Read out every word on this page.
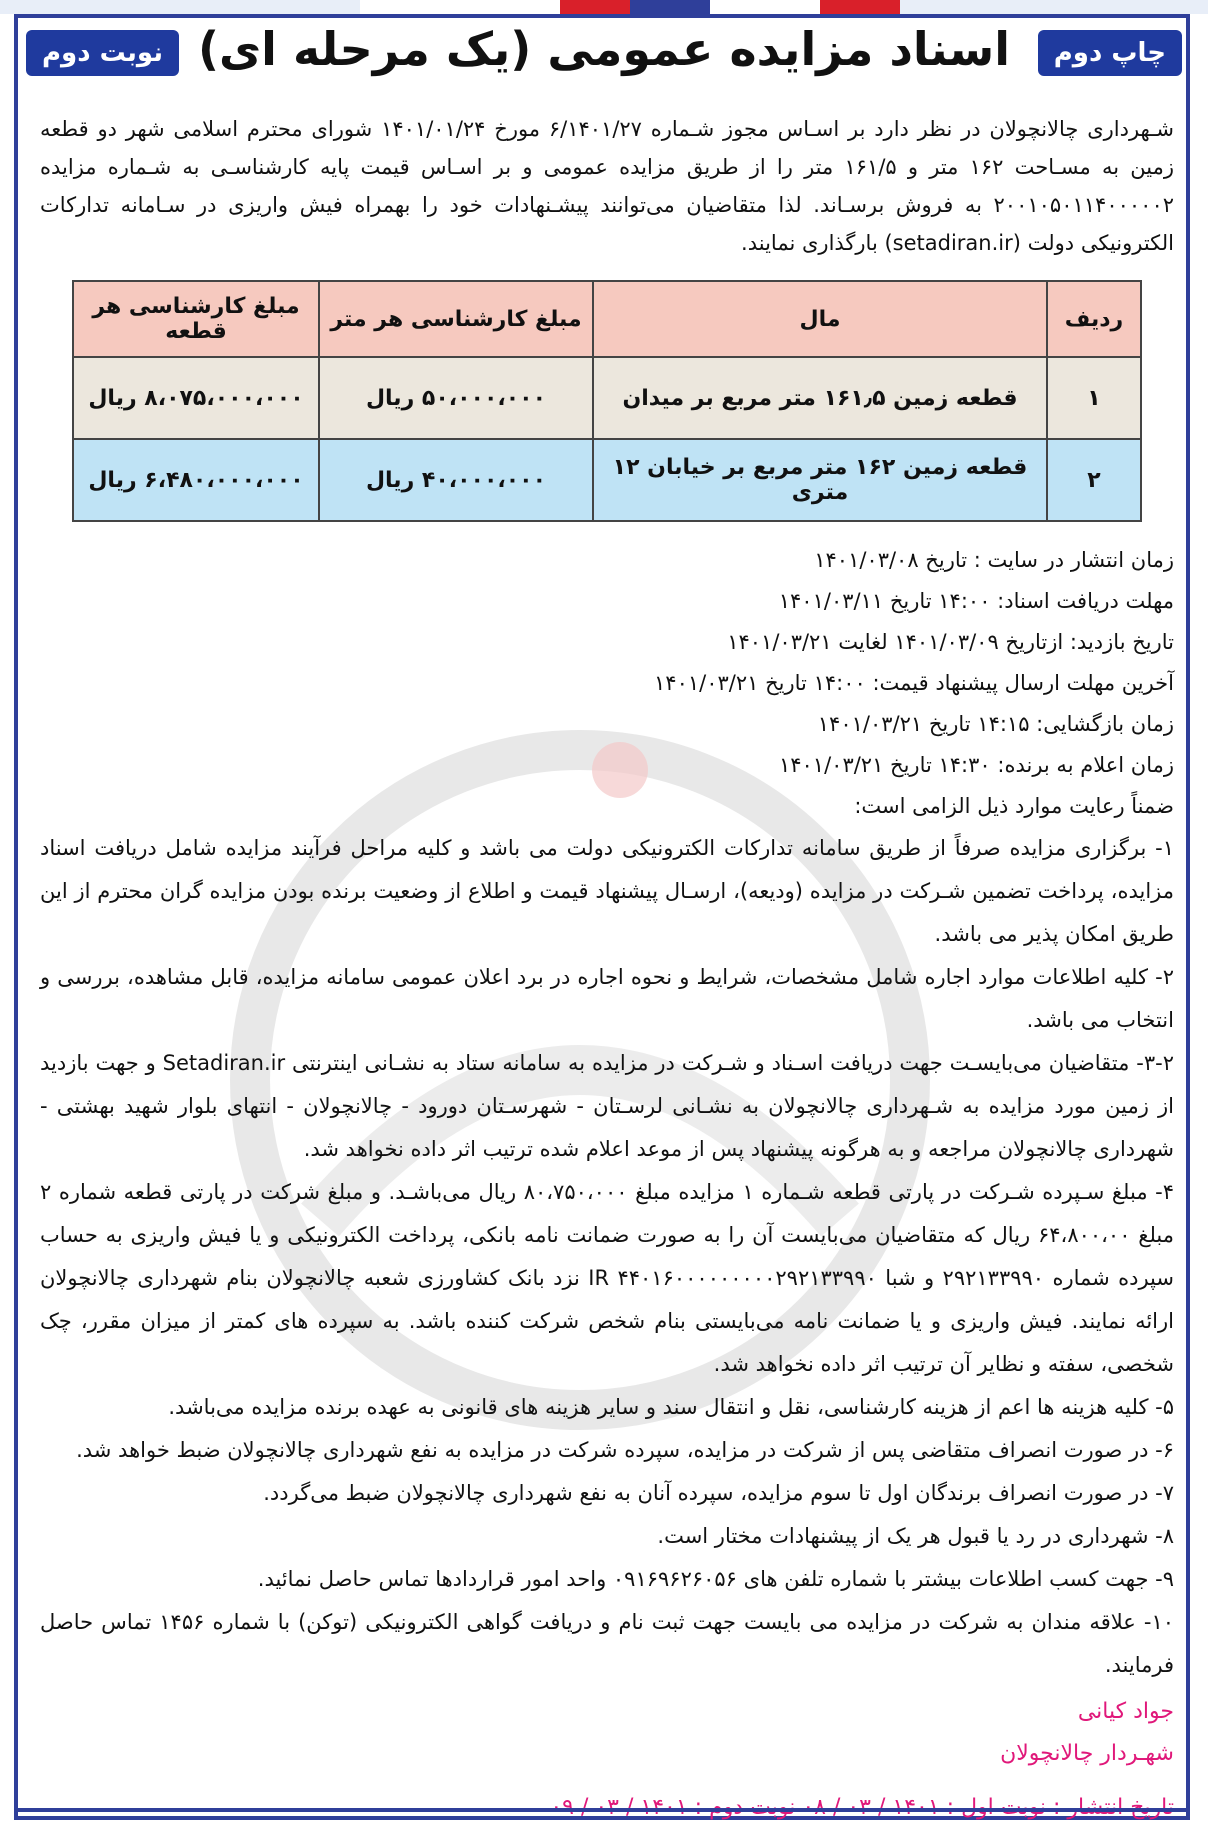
چاپ دوم
اسناد مزایده عمومی (یک مرحله ای)
نوبت دوم

شـهرداری چالانچولان در نظر دارد بر اسـاس مجوز شـماره ۶/۱۴۰۱/۲۷ مورخ ۱۴۰۱/۰۱/۲۴ شورای محترم اسلامی شهر دو قطعه زمین به مسـاحت ۱۶۲ متر و ۱۶۱/۵ متر را از طریق مزایده عمومی و بر اسـاس قیمت پایه کارشناسـی به شـماره مزایده ۲۰۰۱۰۵۰۱۱۴۰۰۰۰۰۲ به فروش برسـاند. لذا متقاضیان می‌توانند پیشـنهادات خود را بهمراه فیش واریزی در سـامانه تدارکات الکترونیکی دولت (setadiran.ir) بارگذاری نمایند.

ردیف	مال	مبلغ کارشناسی هر متر	مبلغ کارشناسی هر قطعه
۱	قطعه زمین ۱۶۱٫۵ متر مربع بر میدان	۵۰،۰۰۰،۰۰۰ ریال	۸،۰۷۵،۰۰۰،۰۰۰ ریال
۲	قطعه زمین ۱۶۲ متر مربع بر خیابان ۱۲ متری	۴۰،۰۰۰،۰۰۰ ریال	۶،۴۸۰،۰۰۰،۰۰۰ ریال
زمان انتشار در سایت : تاریخ ۱۴۰۱/۰۳/۰۸
مهلت دریافت اسناد: ۱۴:۰۰ تاریخ ۱۴۰۱/۰۳/۱۱
تاریخ بازدید: ازتاریخ ۱۴۰۱/۰۳/۰۹ لغایت ۱۴۰۱/۰۳/۲۱
آخرین مهلت ارسال پیشنهاد قیمت: ۱۴:۰۰ تاریخ ۱۴۰۱/۰۳/۲۱
زمان بازگشایی: ۱۴:۱۵ تاریخ ۱۴۰۱/۰۳/۲۱
زمان اعلام به برنده: ۱۴:۳۰ تاریخ ۱۴۰۱/۰۳/۲۱
ضمناً رعایت موارد ذیل الزامی است:

۱- برگزاری مزایده صرفاً از طریق سامانه تدارکات الکترونیکی دولت می باشد و کلیه مراحل فرآیند مزایده شامل دریافت اسناد مزایده، پرداخت تضمین شـرکت در مزایده (ودیعه)، ارسـال پیشنهاد قیمت و اطلاع از وضعیت برنده بودن مزایده گران محترم از این طریق امکان پذیر می باشد.

۲- کلیه اطلاعات موارد اجاره شامل مشخصات، شرایط و نحوه اجاره در برد اعلان عمومی سامانه مزایده، قابل مشاهده، بررسی و انتخاب می باشد.

۳-۲- متقاضیان می‌بایسـت جهت دریافت اسـناد و شـرکت در مزایده به سامانه ستاد به نشـانی اینترنتی Setadiran.ir و جهت بازدید از زمین مورد مزایده به شـهرداری چالانچولان به نشـانی لرسـتان - شهرسـتان دورود - چالانچولان - انتهای بلوار شهید بهشتی - شهرداری چالانچولان مراجعه و به هرگونه پیشنهاد پس از موعد اعلام شده ترتیب اثر داده نخواهد شد.

۴- مبلغ سـپرده شـرکت در پارتی قطعه شـماره ۱ مزایده مبلغ ۸۰،۷۵۰،۰۰۰ ریال می‌باشـد. و مبلغ شرکت در پارتی قطعه شماره ۲ مبلغ ۶۴،۸۰۰،۰۰ ریال که متقاضیان می‌بایست آن را به صورت ضمانت نامه بانکی، پرداخت الکترونیکی و یا فیش واریزی به حساب سپرده شماره ۲۹۲۱۳۳۹۹۰ و شبا IR ۴۴۰۱۶۰۰۰۰۰۰۰۰۰۲۹۲۱۳۳۹۹۰ نزد بانک کشاورزی شعبه چالانچولان بنام شهرداری چالانچولان ارائه نمایند. فیش واریزی و یا ضمانت نامه می‌بایستی بنام شخص شرکت کننده باشد. به سپرده های کمتر از میزان مقرر، چک شخصی، سفته و نظایر آن ترتیب اثر داده نخواهد شد.

۵- کلیه هزینه ها اعم از هزینه کارشناسی، نقل و انتقال سند و سایر هزینه های قانونی به عهده برنده مزایده می‌باشد.

۶- در صورت انصراف متقاضی پس از شرکت در مزایده، سپرده شرکت در مزایده به نفع شهرداری چالانچولان ضبط خواهد شد.

۷- در صورت انصراف برندگان اول تا سوم مزایده، سپرده آنان به نفع شهرداری چالانچولان ضبط می‌گردد.

۸- شهرداری در رد یا قبول هر یک از پیشنهادات مختار است.

۹- جهت کسب اطلاعات بیشتر با شماره تلفن های ۰۹۱۶۹۶۲۶۰۵۶ واحد امور قراردادها تماس حاصل نمائید.

۱۰- علاقه مندان به شرکت در مزایده می بایست جهت ثبت نام و دریافت گواهی الکترونیکی (توکن) با شماره ۱۴۵۶ تماس حاصل فرمایند.

جواد کیانی
شهـردار چالانچولان
